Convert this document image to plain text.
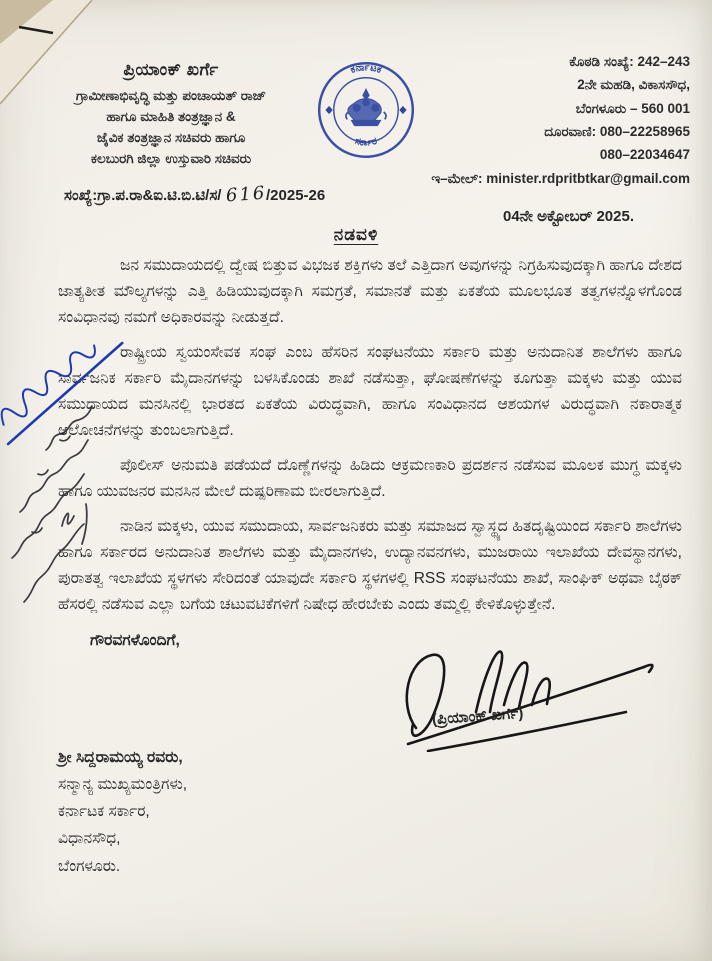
ಪ್ರಿಯಾಂಕ್ ಖರ್ಗೆ
ಗ್ರಾಮೀಣಾಭಿವೃದ್ಧಿ ಮತ್ತು ಪಂಚಾಯತ್ ರಾಜ್
ಹಾಗೂ ಮಾಹಿತಿ ತಂತ್ರಜ್ಞಾನ &
ಜೈವಿಕ ತಂತ್ರಜ್ಞಾನ ಸಚಿವರು ಹಾಗೂ
ಕಲಬುರಗಿ ಜಿಲ್ಲಾ ಉಸ್ತುವಾರಿ ಸಚಿವರು
ಕರ್ನಾಟಕ
ಸರ್ಕಾರ
ಕೊಠಡಿ ಸಂಖ್ಯೆ: 242–243
2ನೇ ಮಹಡಿ, ವಿಕಾಸಸೌಧ,
ಬೆಂಗಳೂರು – 560 001
ದೂರವಾಣಿ: 080–22258965
080–22034647
ಇ–ಮೇಲ್: minister.rdpritbtkar@gmail.com
ಸಂಖ್ಯೆ:ಗ್ರಾ.ಪ.ರಾ&ಐ.ಟಿ.ಬಿ.ಟಿ/ಸ/ 616/2025-26
04ನೇ ಅಕ್ಟೋಬರ್ 2025.
ನಡವಳಿ

ಜನ ಸಮುದಾಯದಲ್ಲಿ ದ್ವೇಷ ಬಿತ್ತುವ ವಿಭಜಕ ಶಕ್ತಿಗಳು ತಲೆ ಎತ್ತಿದಾಗ ಅವುಗಳನ್ನು ನಿಗ್ರಹಿಸುವುದಕ್ಕಾಗಿ ಹಾಗೂ ದೇಶದ ಜಾತ್ಯತೀತ ಮೌಲ್ಯಗಳನ್ನು ಎತ್ತಿ ಹಿಡಿಯುವುದಕ್ಕಾಗಿ ಸಮಗ್ರತೆ, ಸಮಾನತೆ ಮತ್ತು ಏಕತೆಯ ಮೂಲಭೂತ ತತ್ವಗಳನ್ನೊಳಗೊಂಡ ಸಂವಿಧಾನವು ನಮಗೆ ಅಧಿಕಾರವನ್ನು ನೀಡುತ್ತದೆ.

ರಾಷ್ಟ್ರೀಯ ಸ್ವಯಂಸೇವಕ ಸಂಘ ಎಂಬ ಹೆಸರಿನ ಸಂಘಟನೆಯು ಸರ್ಕಾರಿ ಮತ್ತು ಅನುದಾನಿತ ಶಾಲೆಗಳು ಹಾಗೂ ಸಾರ್ವಜನಿಕ ಸರ್ಕಾರಿ ಮೈದಾನಗಳನ್ನು ಬಳಸಿಕೊಂಡು ಶಾಖೆ ನಡೆಸುತ್ತಾ, ಘೋಷಣೆಗಳನ್ನು ಕೂಗುತ್ತಾ ಮಕ್ಕಳು ಮತ್ತು ಯುವ ಸಮುದಾಯದ ಮನಸಿನಲ್ಲಿ ಭಾರತದ ಏಕತೆಯ ವಿರುದ್ಧವಾಗಿ, ಹಾಗೂ ಸಂವಿಧಾನದ ಆಶಯಗಳ ವಿರುದ್ಧವಾಗಿ ನಕಾರಾತ್ಮಕ ಆಲೋಚನೆಗಳನ್ನು ತುಂಬಲಾಗುತ್ತಿದೆ.

ಪೊಲೀಸ್ ಅನುಮತಿ ಪಡೆಯದೆ ದೊಣ್ಣೆಗಳನ್ನು ಹಿಡಿದು ಆಕ್ರಮಣಕಾರಿ ಪ್ರದರ್ಶನ ನಡೆಸುವ ಮೂಲಕ ಮುಗ್ಧ ಮಕ್ಕಳು ಹಾಗೂ ಯುವಜನರ ಮನಸಿನ ಮೇಲೆ ದುಷ್ಪರಿಣಾಮ ಬೀರಲಾಗುತ್ತಿದೆ.

ನಾಡಿನ ಮಕ್ಕಳು, ಯುವ ಸಮುದಾಯ, ಸಾರ್ವಜನಿಕರು ಮತ್ತು ಸಮಾಜದ ಸ್ವಾಸ್ಥ್ಯದ ಹಿತದೃಷ್ಟಿಯಿಂದ ಸರ್ಕಾರಿ ಶಾಲೆಗಳು ಹಾಗೂ ಸರ್ಕಾರದ ಅನುದಾನಿತ ಶಾಲೆಗಳು ಮತ್ತು ಮೈದಾನಗಳು, ಉದ್ಯಾನವನಗಳು, ಮುಜರಾಯಿ ಇಲಾಖೆಯ ದೇವಸ್ಥಾನಗಳು, ಪುರಾತತ್ವ ಇಲಾಖೆಯ ಸ್ಥಳಗಳು ಸೇರಿದಂತೆ ಯಾವುದೇ ಸರ್ಕಾರಿ ಸ್ಥಳಗಳಲ್ಲಿ RSS ಸಂಘಟನೆಯು ಶಾಖೆ, ಸಾಂಘಿಕ್ ಅಥವಾ ಬೈಠಕ್ ಹೆಸರಲ್ಲಿ ನಡೆಸುವ ಎಲ್ಲಾ ಬಗೆಯ ಚಟುವಟಿಕೆಗಳಿಗೆ ನಿಷೇಧ ಹೇರಬೇಕು ಎಂದು ತಮ್ಮಲ್ಲಿ ಕೇಳಿಕೊಳ್ಳುತ್ತೇನೆ.

ಗೌರವಗಳೊಂದಿಗೆ,
(ಪ್ರಿಯಾಂಕ್ ಖರ್ಗೆ)
ಶ್ರೀ ಸಿದ್ದರಾಮಯ್ಯ ರವರು,
ಸನ್ಮಾನ್ಯ ಮುಖ್ಯಮಂತ್ರಿಗಳು,
ಕರ್ನಾಟಕ ಸರ್ಕಾರ,
ವಿಧಾನಸೌಧ,
ಬೆಂಗಳೂರು.
